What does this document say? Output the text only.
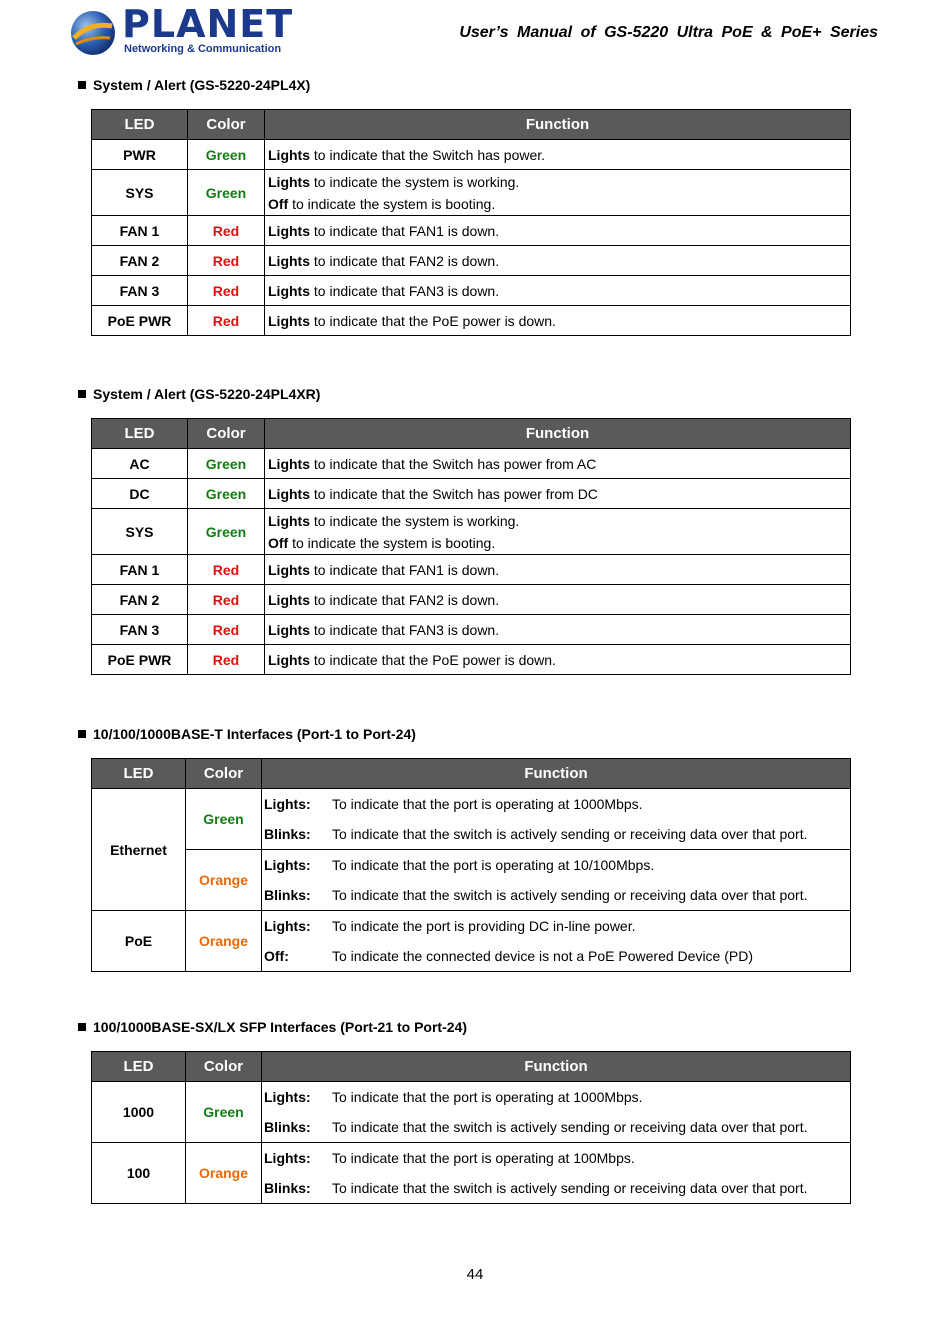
PLANET
Networking & Communication
User’s Manual of GS-5220 Ultra PoE & PoE+ Series
System / Alert (GS-5220-24PL4X)
LED	Color	Function
PWR	Green	Lights to indicate that the Switch has power.
SYS	Green	Lights to indicate the system is working.
Off to indicate the system is booting.
FAN 1	Red	Lights to indicate that FAN1 is down.
FAN 2	Red	Lights to indicate that FAN2 is down.
FAN 3	Red	Lights to indicate that FAN3 is down.
PoE PWR	Red	Lights to indicate that the PoE power is down.
System / Alert (GS-5220-24PL4XR)
LED	Color	Function
AC	Green	Lights to indicate that the Switch has power from AC
DC	Green	Lights to indicate that the Switch has power from DC
SYS	Green	Lights to indicate the system is working.
Off to indicate the system is booting.
FAN 1	Red	Lights to indicate that FAN1 is down.
FAN 2	Red	Lights to indicate that FAN2 is down.
FAN 3	Red	Lights to indicate that FAN3 is down.
PoE PWR	Red	Lights to indicate that the PoE power is down.
10/100/1000BASE-T Interfaces (Port-1 to Port-24)
LED	Color	Function
Ethernet	Green	Lights: To indicate that the port is operating at 1000Mbps.
Blinks: To indicate that the switch is actively sending or receiving data over that port.

	Orange	Lights: To indicate that the port is operating at 10/100Mbps.
Blinks: To indicate that the switch is actively sending or receiving data over that port.

PoE	Orange	Lights: To indicate the port is providing DC in-line power.
Off: To indicate the connected device is not a PoE Powered Device (PD)
100/1000BASE-SX/LX SFP Interfaces (Port-21 to Port-24)
LED	Color	Function
1000	Green	Lights: To indicate that the port is operating at 1000Mbps.
Blinks: To indicate that the switch is actively sending or receiving data over that port.

100	Orange	Lights: To indicate that the port is operating at 100Mbps.
Blinks: To indicate that the switch is actively sending or receiving data over that port.
44
